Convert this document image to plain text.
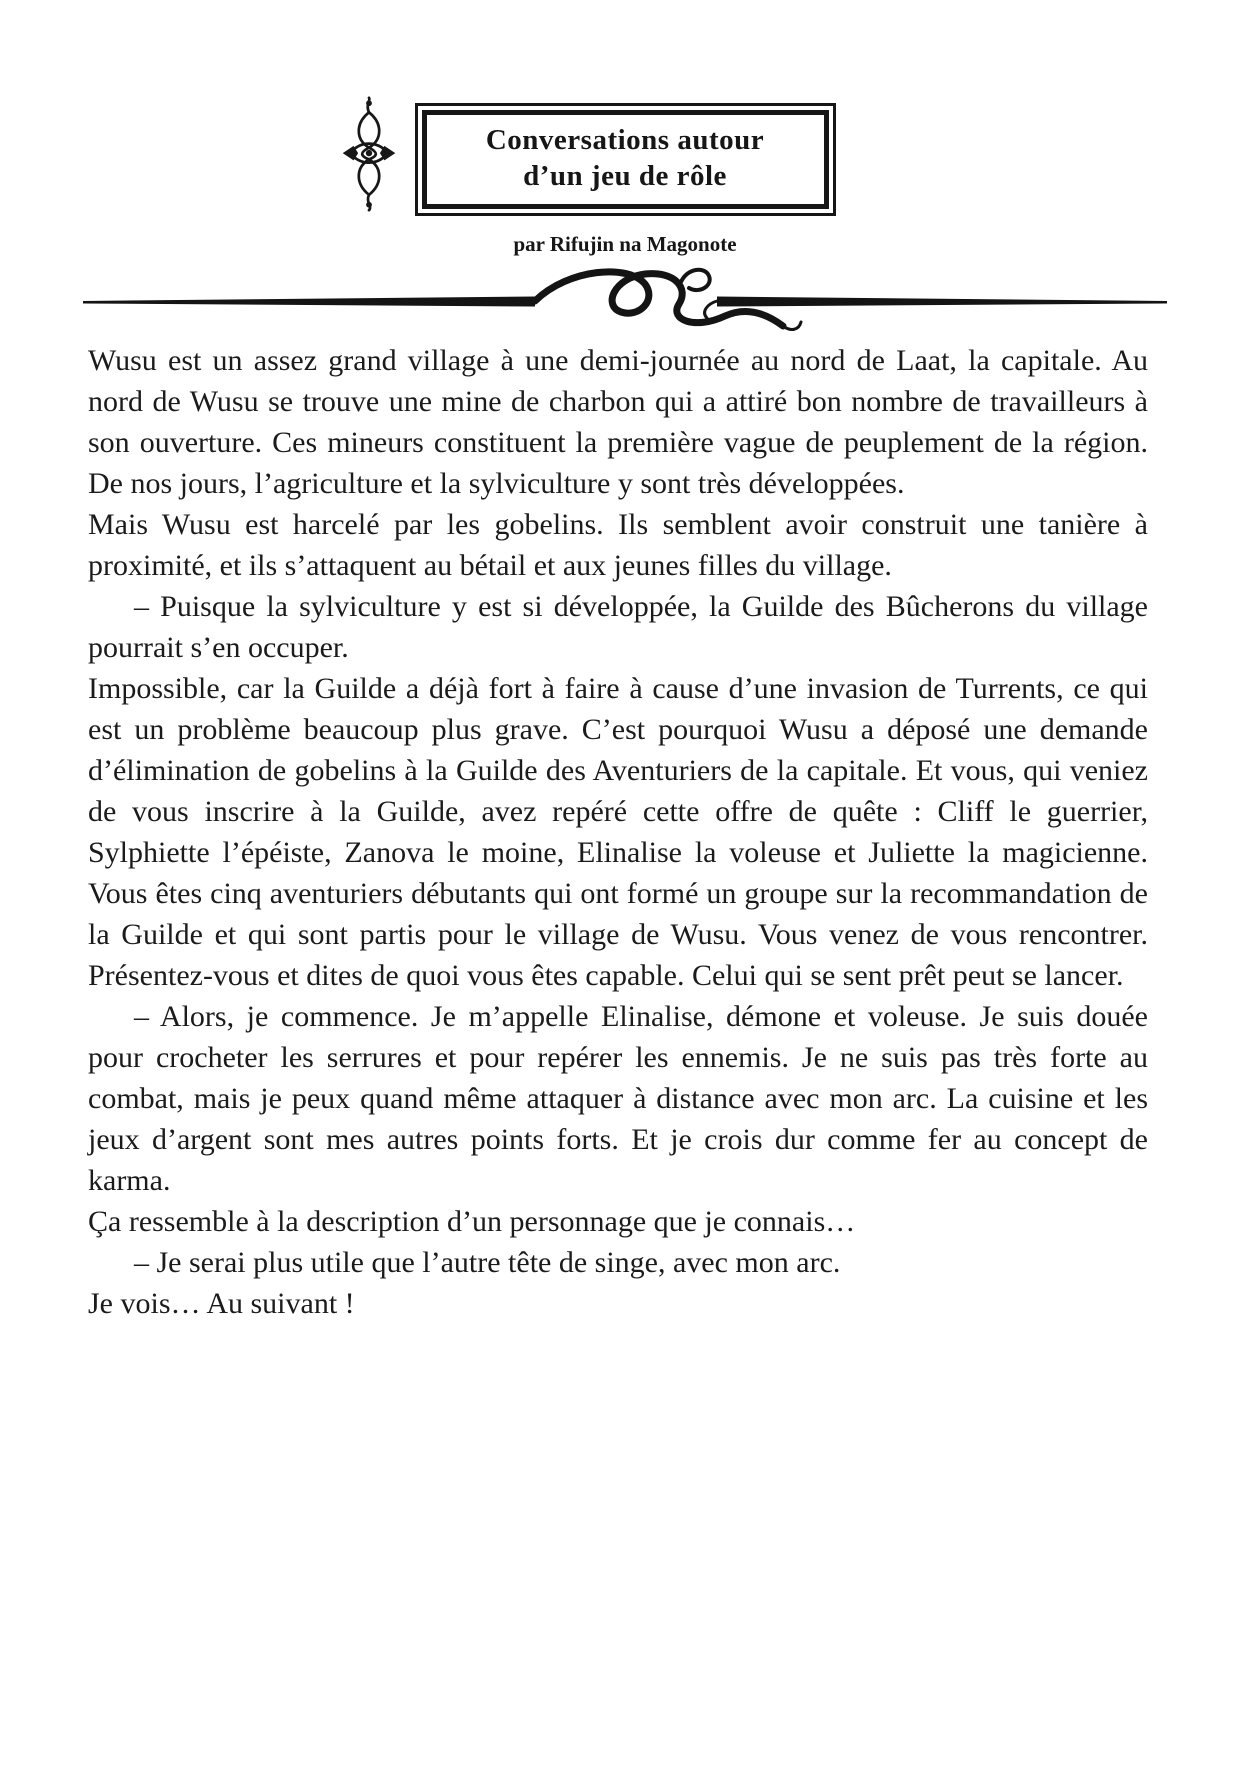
Conversations autour
d’un jeu de rôle
par Rifujin na Magonote

Wusu est un assez grand village à une demi-journée au nord de Laat, la capitale. Au nord de Wusu se trouve une mine de charbon qui a attiré bon nombre de travailleurs à son ouverture. Ces mineurs constituent la première vague de peuplement de la région. De nos jours, l’agriculture et la sylviculture y sont très développées.

Mais Wusu est harcelé par les gobelins. Ils semblent avoir construit une tanière à proximité, et ils s’attaquent au bétail et aux jeunes filles du village.

– Puisque la sylviculture y est si développée, la Guilde des Bûcherons du village pourrait s’en occuper.

Impossible, car la Guilde a déjà fort à faire à cause d’une invasion de Turrents, ce qui est un problème beaucoup plus grave. C’est pourquoi Wusu a déposé une demande d’élimination de gobelins à la Guilde des Aventuriers de la capitale. Et vous, qui veniez de vous inscrire à la Guilde, avez repéré cette offre de quête : Cliff le guerrier, Sylphiette l’épéiste, Zanova le moine, Elinalise la voleuse et Juliette la magicienne. Vous êtes cinq aventuriers débutants qui ont formé un groupe sur la recommandation de la Guilde et qui sont partis pour le village de Wusu. Vous venez de vous rencontrer. Présentez-vous et dites de quoi vous êtes capable. Celui qui se sent prêt peut se lancer.

– Alors, je commence. Je m’appelle Elinalise, démone et voleuse. Je suis douée pour crocheter les serrures et pour repérer les ennemis. Je ne suis pas très forte au combat, mais je peux quand même attaquer à distance avec mon arc. La cuisine et les jeux d’argent sont mes autres points forts. Et je crois dur comme fer au concept de karma.

Ça ressemble à la description d’un personnage que je connais…

– Je serai plus utile que l’autre tête de singe, avec mon arc.

Je vois… Au suivant !
